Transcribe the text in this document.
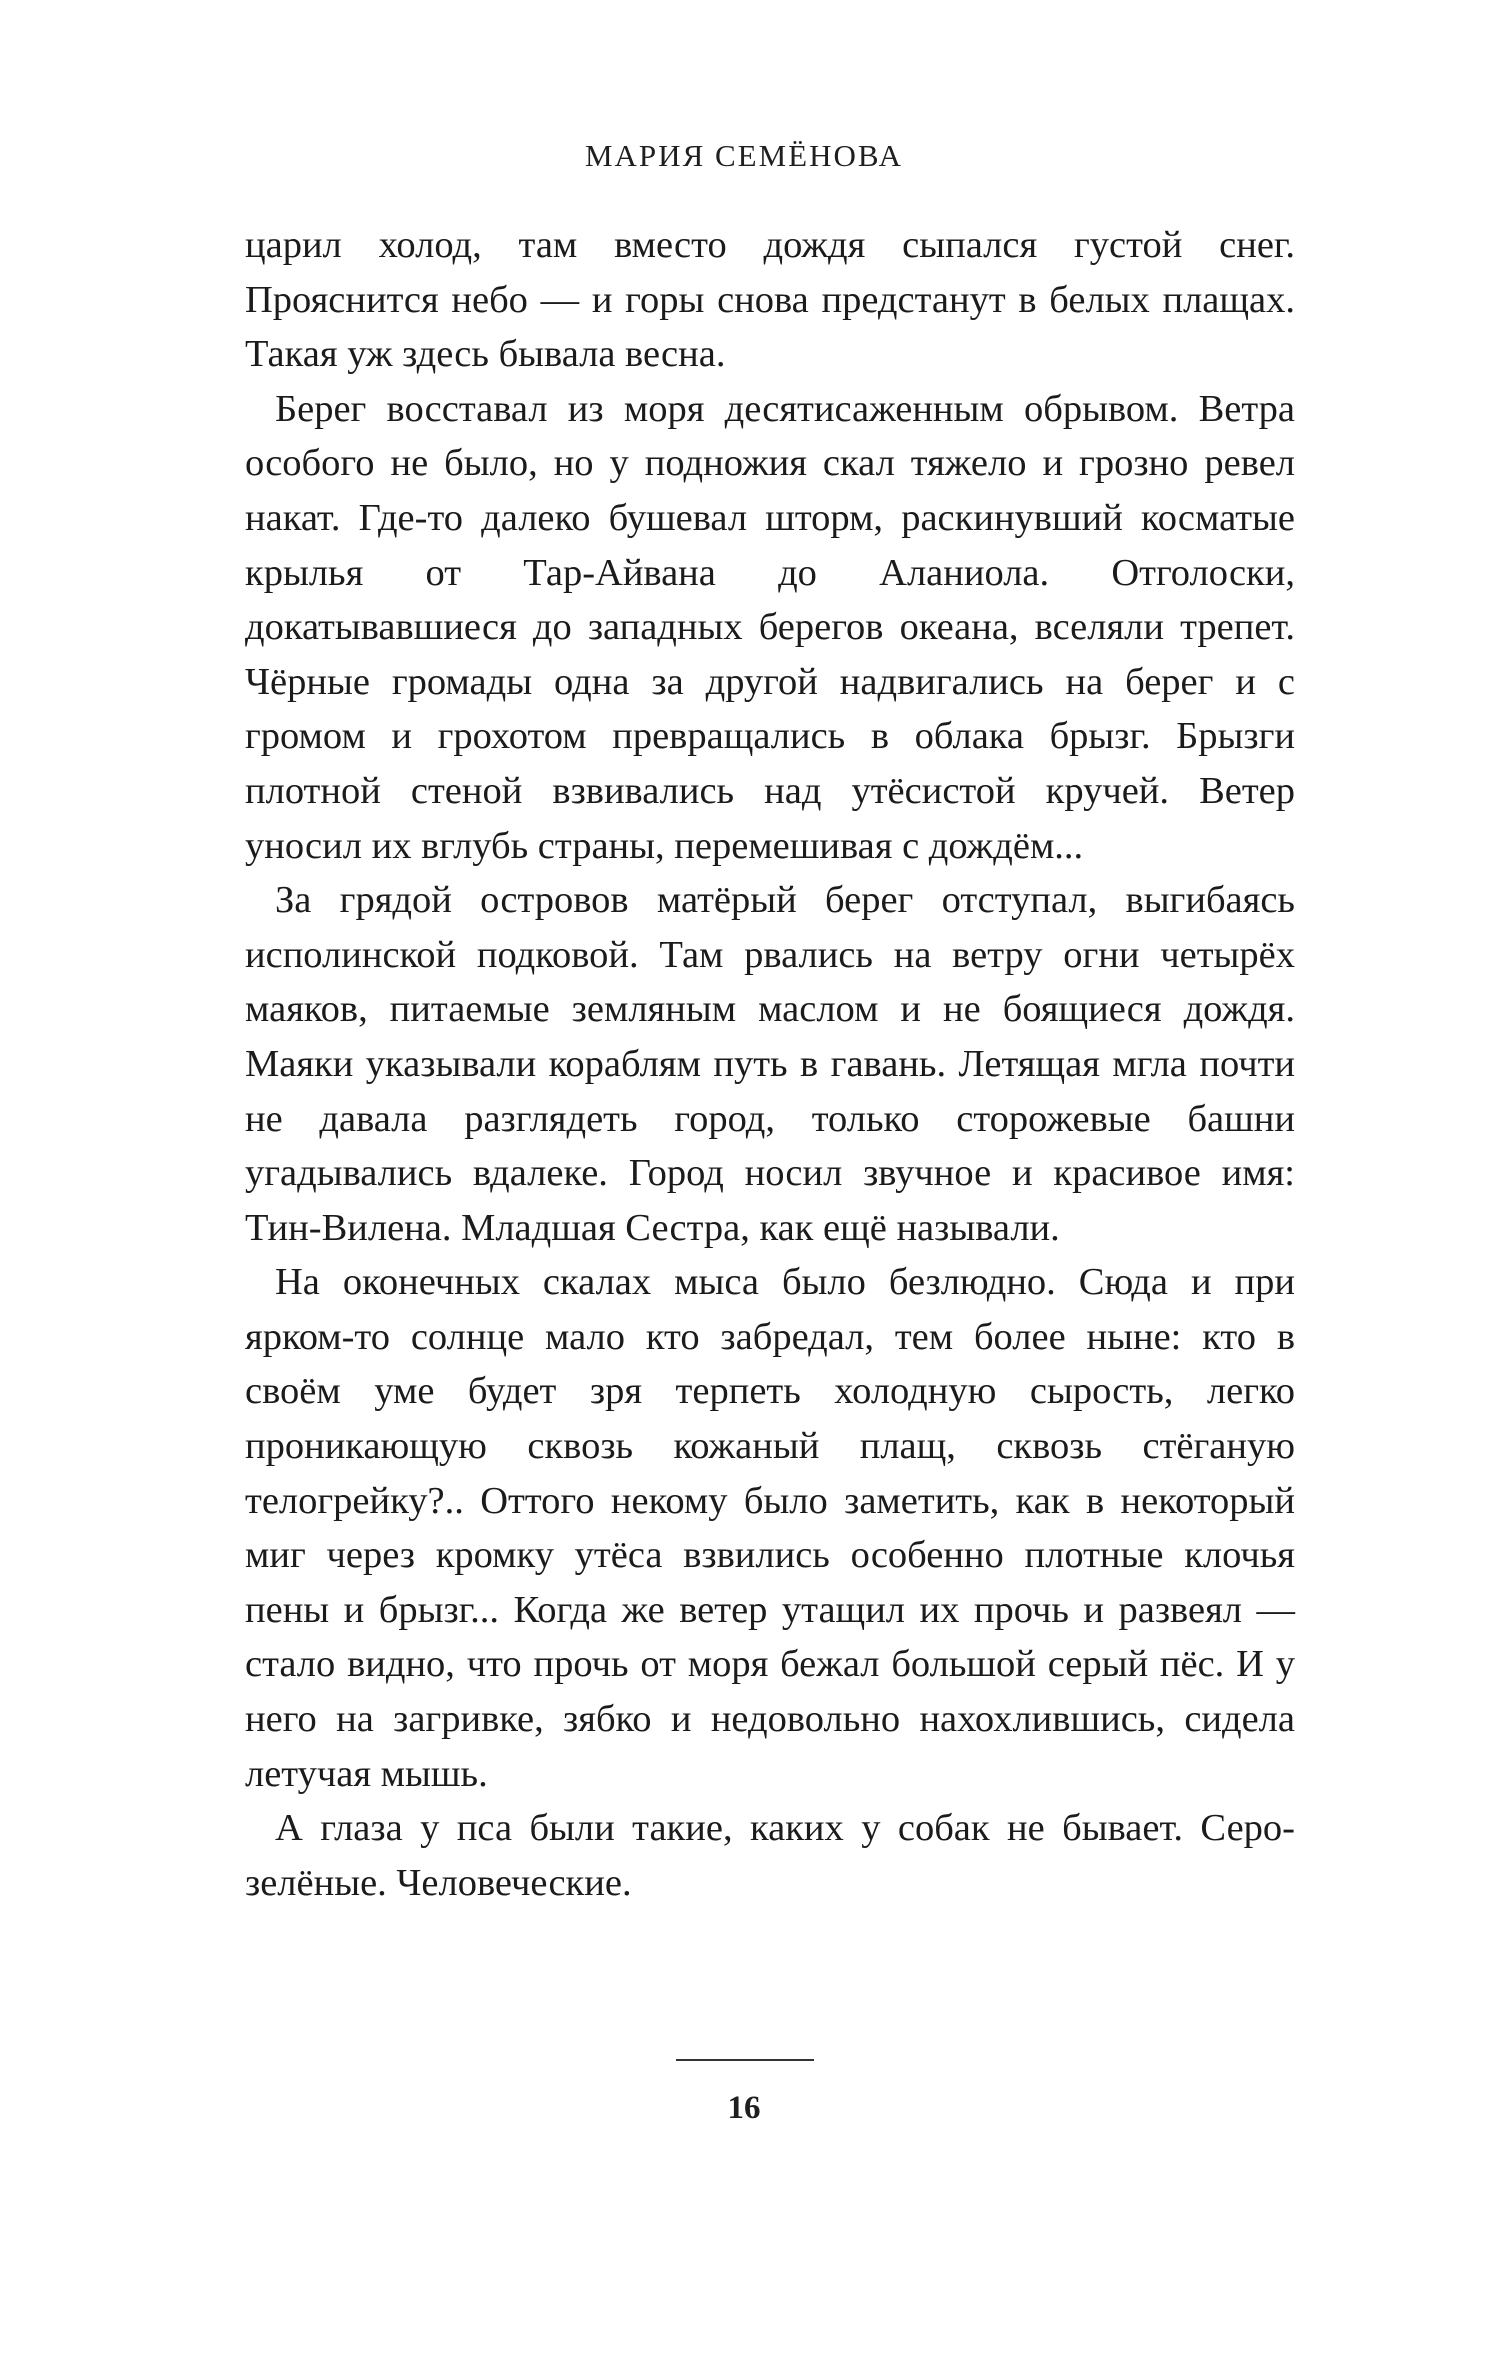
МАРИЯ СЕМЁНОВА

царил холод, там вместо дождя сыпался густой снег. Прояснится небо — и горы снова предстанут в белых плащах. Такая уж здесь бывала весна.

Берег восставал из моря десятисаженным обрывом. Ветра особого не было, но у подножия скал тяжело и грозно ревел накат. Где-то далеко бушевал шторм, раскинувший косматые крылья от Тар-Айвана до Аланиола. Отголоски, докатывавшиеся до западных берегов океана, вселяли трепет. Чёрные громады одна за другой надвигались на берег и с громом и грохотом превращались в облака брызг. Брызги плотной стеной взвивались над утёсистой кручей. Ветер уносил их вглубь страны, перемешивая с дождём...

За грядой островов матёрый берег отступал, выгибаясь исполинской подковой. Там рвались на ветру огни четырёх маяков, питаемые земляным маслом и не боящиеся дождя. Маяки указывали кораблям путь в гавань. Летящая мгла почти не давала разглядеть город, только сторожевые башни угадывались вдалеке. Город носил звучное и красивое имя: Тин-Вилена. Младшая Сестра, как ещё называли.

На оконечных скалах мыса было безлюдно. Сюда и при ярком-то солнце мало кто забредал, тем более ныне: кто в своём уме будет зря терпеть холодную сырость, легко проникающую сквозь кожаный плащ, сквозь стёганую телогрейку?.. Оттого некому было заметить, как в некоторый миг через кромку утёса взвились особенно плотные клочья пены и брызг... Когда же ветер утащил их прочь и развеял — стало видно, что прочь от моря бежал большой серый пёс. И у него на загривке, зябко и недовольно нахохлившись, сидела летучая мышь.

А глаза у пса были такие, каких у собак не бывает. Серо-зелёные. Человеческие.

16
